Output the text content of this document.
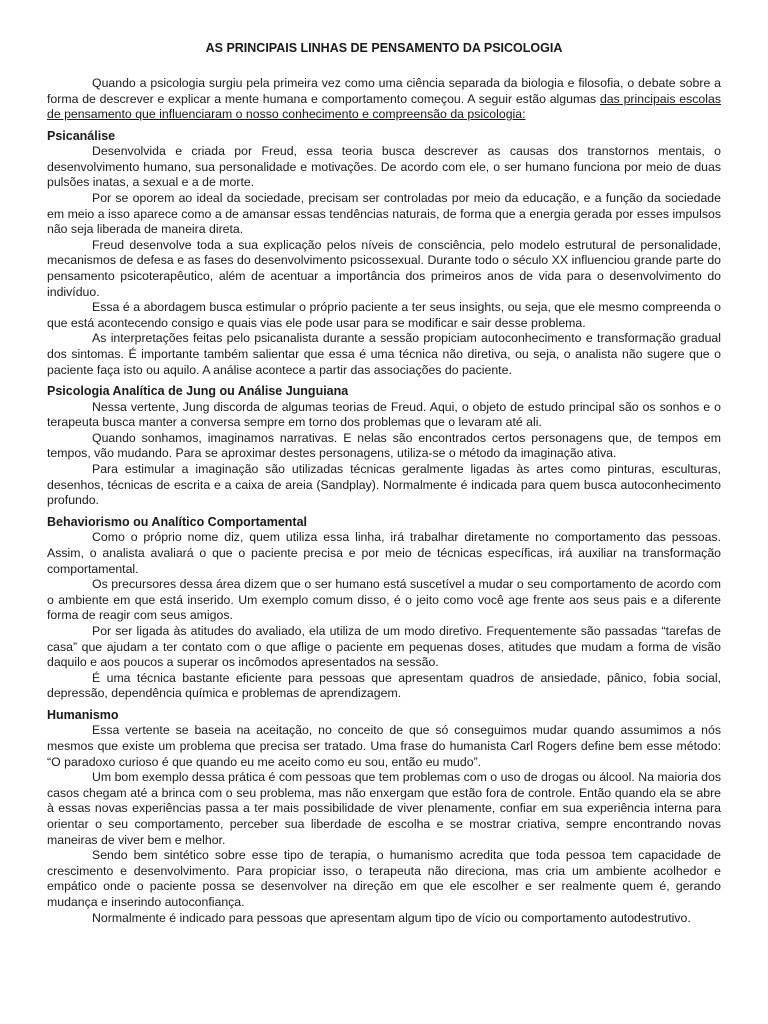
AS PRINCIPAIS LINHAS DE PENSAMENTO DA PSICOLOGIA

Quando a psicologia surgiu pela primeira vez como uma ciência separada da biologia e filosofia, o debate sobre a forma de descrever e explicar a mente humana e comportamento começou. A seguir estão algumas das principais escolas de pensamento que influenciaram o nosso conhecimento e compreensão da psicologia:

Psicanálise

Desenvolvida e criada por Freud, essa teoria busca descrever as causas dos transtornos mentais, o desenvolvimento humano, sua personalidade e motivações. De acordo com ele, o ser humano funciona por meio de duas pulsões inatas, a sexual e a de morte.

Por se oporem ao ideal da sociedade, precisam ser controladas por meio da educação, e a função da sociedade em meio a isso aparece como a de amansar essas tendências naturais, de forma que a energia gerada por esses impulsos não seja liberada de maneira direta.

Freud desenvolve toda a sua explicação pelos níveis de consciência, pelo modelo estrutural de personalidade, mecanismos de defesa e as fases do desenvolvimento psicossexual. Durante todo o século XX influenciou grande parte do pensamento psicoterapêutico, além de acentuar a importância dos primeiros anos de vida para o desenvolvimento do indivíduo.

Essa é a abordagem busca estimular o próprio paciente a ter seus insights, ou seja, que ele mesmo compreenda o que está acontecendo consigo e quais vias ele pode usar para se modificar e sair desse problema.

As interpretações feitas pelo psicanalista durante a sessão propiciam autoconhecimento e transformação gradual dos sintomas. É importante também salientar que essa é uma técnica não diretiva, ou seja, o analista não sugere que o paciente faça isto ou aquilo. A análise acontece a partir das associações do paciente.

Psicologia Analítica de Jung ou Análise Junguiana

Nessa vertente, Jung discorda de algumas teorias de Freud. Aqui, o objeto de estudo principal são os sonhos e o terapeuta busca manter a conversa sempre em torno dos problemas que o levaram até ali.

Quando sonhamos, imaginamos narrativas. E nelas são encontrados certos personagens que, de tempos em tempos, vão mudando. Para se aproximar destes personagens, utiliza-se o método da imaginação ativa.

Para estimular a imaginação são utilizadas técnicas geralmente ligadas às artes como pinturas, esculturas, desenhos, técnicas de escrita e a caixa de areia (Sandplay). Normalmente é indicada para quem busca autoconhecimento profundo.

Behaviorismo ou Analítico Comportamental

Como o próprio nome diz, quem utiliza essa linha, irá trabalhar diretamente no comportamento das pessoas. Assim, o analista avaliará o que o paciente precisa e por meio de técnicas específicas, irá auxiliar na transformação comportamental.

Os precursores dessa área dizem que o ser humano está suscetível a mudar o seu comportamento de acordo com o ambiente em que está inserido. Um exemplo comum disso, é o jeito como você age frente aos seus pais e a diferente forma de reagir com seus amigos.

Por ser ligada às atitudes do avaliado, ela utiliza de um modo diretivo. Frequentemente são passadas “tarefas de casa” que ajudam a ter contato com o que aflige o paciente em pequenas doses, atitudes que mudam a forma de visão daquilo e aos poucos a superar os incômodos apresentados na sessão.

É uma técnica bastante eficiente para pessoas que apresentam quadros de ansiedade, pânico, fobia social, depressão, dependência química e problemas de aprendizagem.

Humanismo

Essa vertente se baseia na aceitação, no conceito de que só conseguimos mudar quando assumimos a nós mesmos que existe um problema que precisa ser tratado. Uma frase do humanista Carl Rogers define bem esse método: “O paradoxo curioso é que quando eu me aceito como eu sou, então eu mudo”.

Um bom exemplo dessa prática é com pessoas que tem problemas com o uso de drogas ou álcool. Na maioria dos casos chegam até a brinca com o seu problema, mas não enxergam que estão fora de controle. Então quando ela se abre à essas novas experiências passa a ter mais possibilidade de viver plenamente, confiar em sua experiência interna para orientar o seu comportamento, perceber sua liberdade de escolha e se mostrar criativa, sempre encontrando novas maneiras de viver bem e melhor.

Sendo bem sintético sobre esse tipo de terapia, o humanismo acredita que toda pessoa tem capacidade de crescimento e desenvolvimento. Para propiciar isso, o terapeuta não direciona, mas cria um ambiente acolhedor e empático onde o paciente possa se desenvolver na direção em que ele escolher e ser realmente quem é, gerando mudança e inserindo autoconfiança.

Normalmente é indicado para pessoas que apresentam algum tipo de vício ou comportamento autodestrutivo.
